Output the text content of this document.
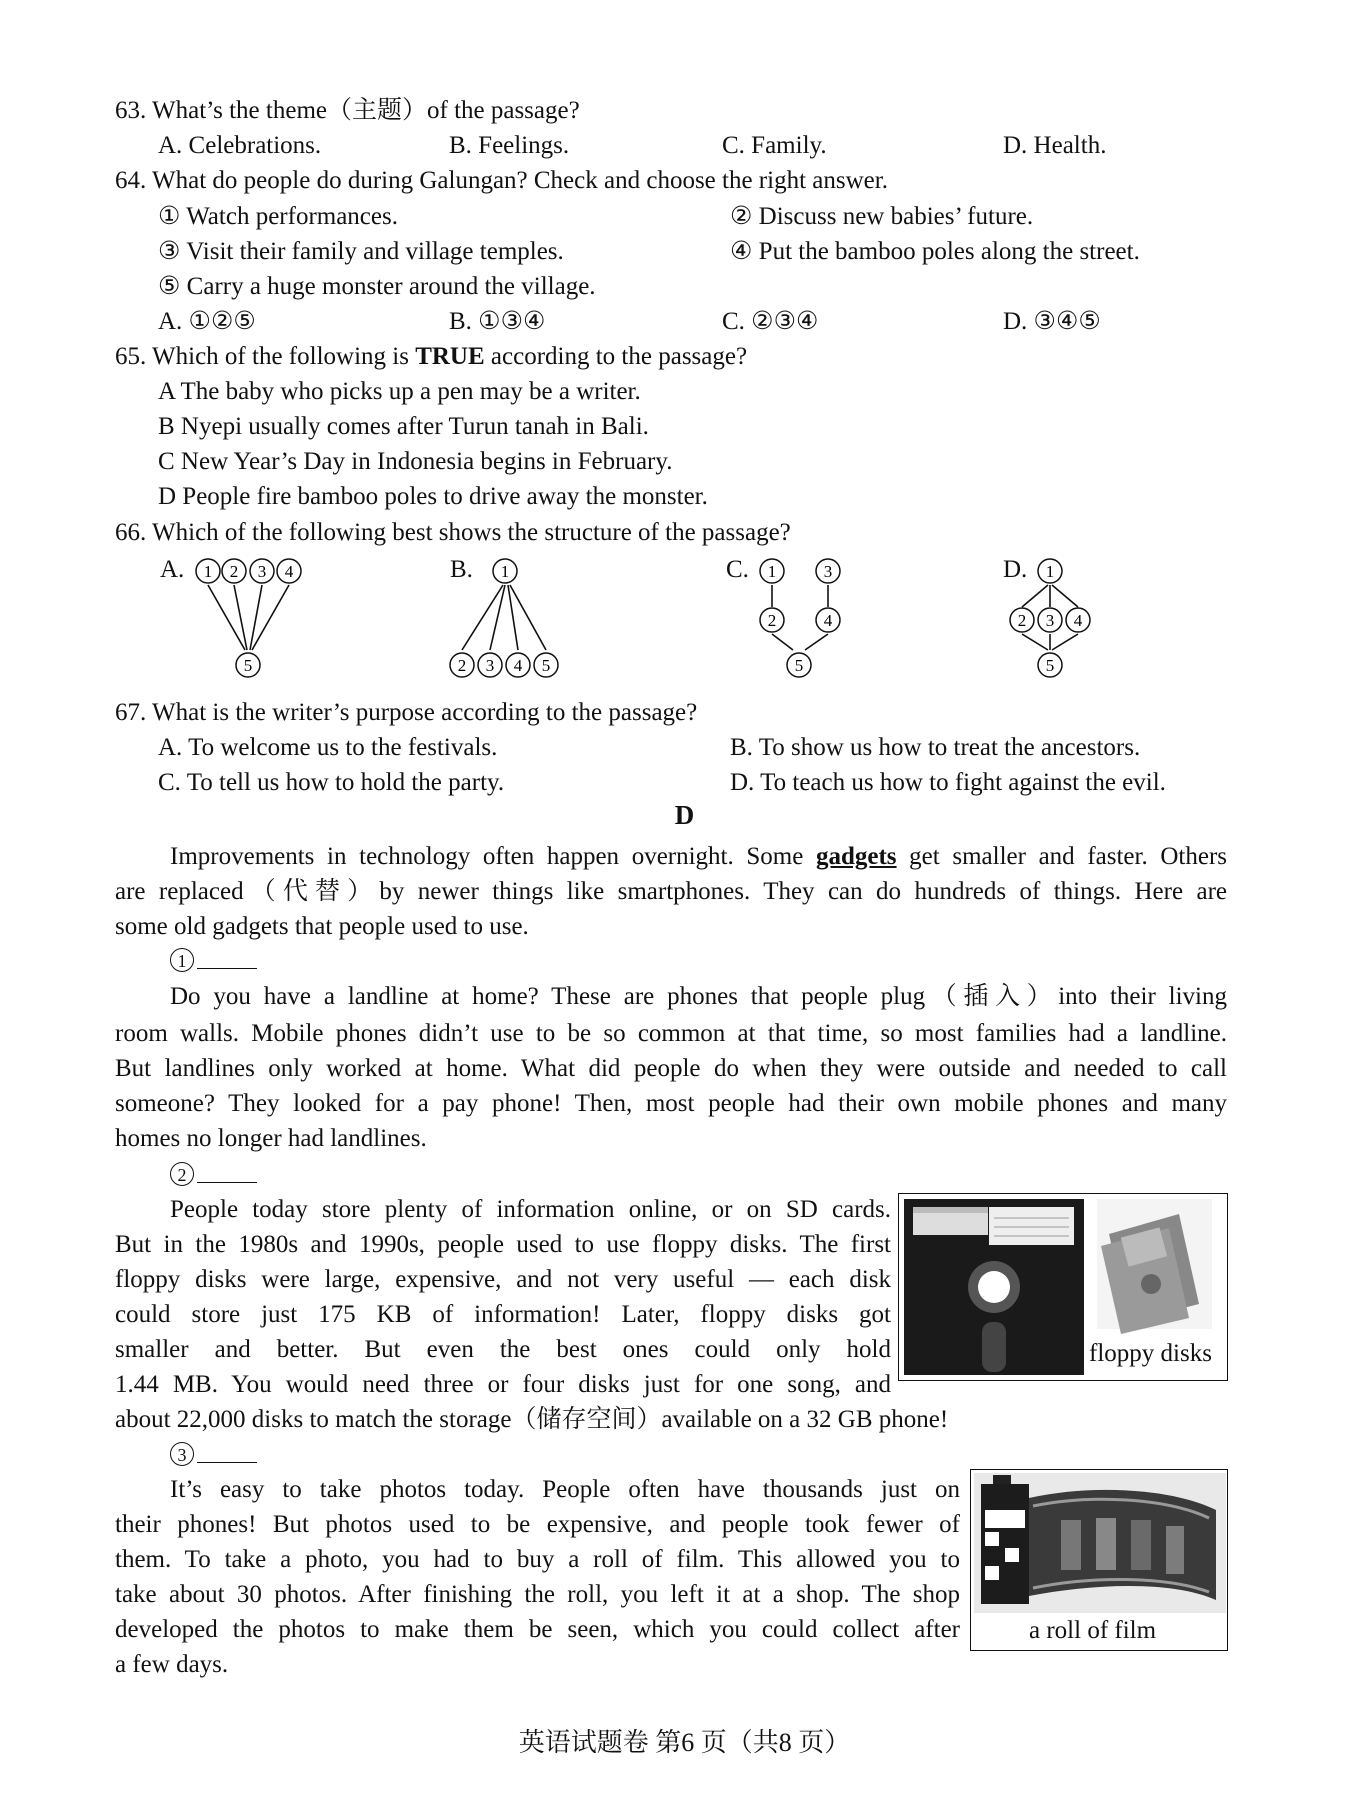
63. What’s the theme（主题）of the passage?
A. Celebrations.	B. Feelings.	C. Family.	D. Health.
64. What do people do during Galungan? Check and choose the right answer.
① Watch performances.	② Discuss new babies’ future.
③ Visit their family and village temples.	④ Put the bamboo poles along the street.
⑤ Carry a huge monster around the village.
A. ①②⑤	B. ①③④	C. ②③④	D. ③④⑤
65. Which of the following is TRUE according to the passage?
A The baby who picks up a pen may be a writer.
B Nyepi usually comes after Turun tanah in Bali.
C New Year’s Day in Indonesia begins in February.
D People fire bamboo poles to drive away the monster.
66. Which of the following best shows the structure of the passage?
A.	B.	C.	D.
1 2 3 4
5
1
2 3 4 5
1	3
2	4
5
1
2 3 4
5
67. What is the writer’s purpose according to the passage?
A. To welcome us to the festivals.	B. To show us how to treat the ancestors.
C. To tell us how to hold the party.	D. To teach us how to fight against the evil.
D
Improvements in technology often happen overnight. Some gadgets get smaller and faster. Others
are replaced（代替）by newer things like smartphones. They can do hundreds of things. Here are
some old gadgets that people used to use.
1
Do you have a landline at home? These are phones that people plug（插入）into their living
room walls. Mobile phones didn’t use to be so common at that time, so most families had a landline.
But landlines only worked at home. What did people do when they were outside and needed to call
someone? They looked for a pay phone! Then, most people had their own mobile phones and many
homes no longer had landlines.
2
People today store plenty of information online, or on SD cards.
But in the 1980s and 1990s, people used to use floppy disks. The first
floppy disks were large, expensive, and not very useful — each disk
could store just 175 KB of information! Later, floppy disks got
smaller and better. But even the best ones could only hold
1.44 MB. You would need three or four disks just for one song, and
about 22,000 disks to match the storage（储存空间）available on a 32 GB phone!
floppy disks
3
It’s easy to take photos today. People often have thousands just on
their phones! But photos used to be expensive, and people took fewer of
them. To take a photo, you had to buy a roll of film. This allowed you to
take about 30 photos. After finishing the roll, you left it at a shop. The shop
developed the photos to make them be seen, which you could collect after
a few days.
a roll of film
英语试题卷 第6 页（共8 页）
